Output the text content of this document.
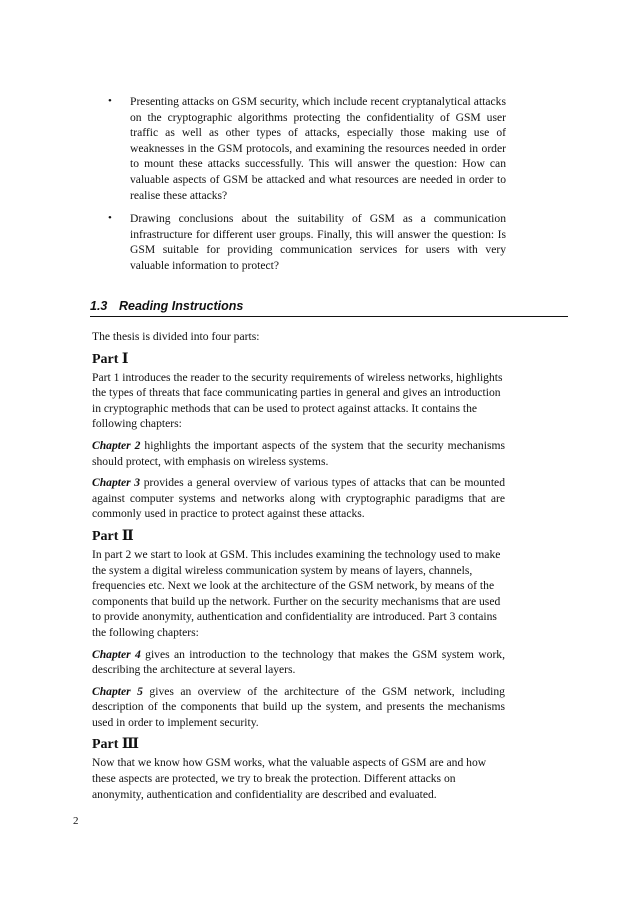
•	Presenting attacks on GSM security, which include recent cryptanalytical attacks on the cryptographic algorithms protecting the confidentiality of GSM user traffic as well as other types of attacks, especially those making use of weaknesses in the GSM protocols, and examining the resources needed in order to mount these attacks successfully. This will answer the question: How can valuable aspects of GSM be attacked and what resources are needed in order to realise these attacks?
•	Drawing conclusions about the suitability of GSM as a communication infrastructure for different user groups. Finally, this will answer the question: Is GSM suitable for providing communication services for users with very valuable information to protect?
1.3 Reading Instructions

The thesis is divided into four parts:

Part Ⅰ

Part 1 introduces the reader to the security requirements of wireless networks, highlights the types of threats that face communicating parties in general and gives an introduction in cryptographic methods that can be used to protect against attacks. It contains the following chapters:

Chapter 2 highlights the important aspects of the system that the security mechanisms should protect, with emphasis on wireless systems.

Chapter 3 provides a general overview of various types of attacks that can be mounted against computer systems and networks along with cryptographic paradigms that are commonly used in practice to protect against these attacks.

Part Ⅱ

In part 2 we start to look at GSM. This includes examining the technology used to make the system a digital wireless communication system by means of layers, channels, frequencies etc. Next we look at the architecture of the GSM network, by means of the components that build up the network. Further on the security mechanisms that are used to provide anonymity, authentication and confidentiality are introduced. Part 3 contains the following chapters:

Chapter 4 gives an introduction to the technology that makes the GSM system work, describing the architecture at several layers.

Chapter 5 gives an overview of the architecture of the GSM network, including description of the components that build up the system, and presents the mechanisms used in order to implement security.

Part Ⅲ

Now that we know how GSM works, what the valuable aspects of GSM are and how these aspects are protected, we try to break the protection. Different attacks on anonymity, authentication and confidentiality are described and evaluated.

2
